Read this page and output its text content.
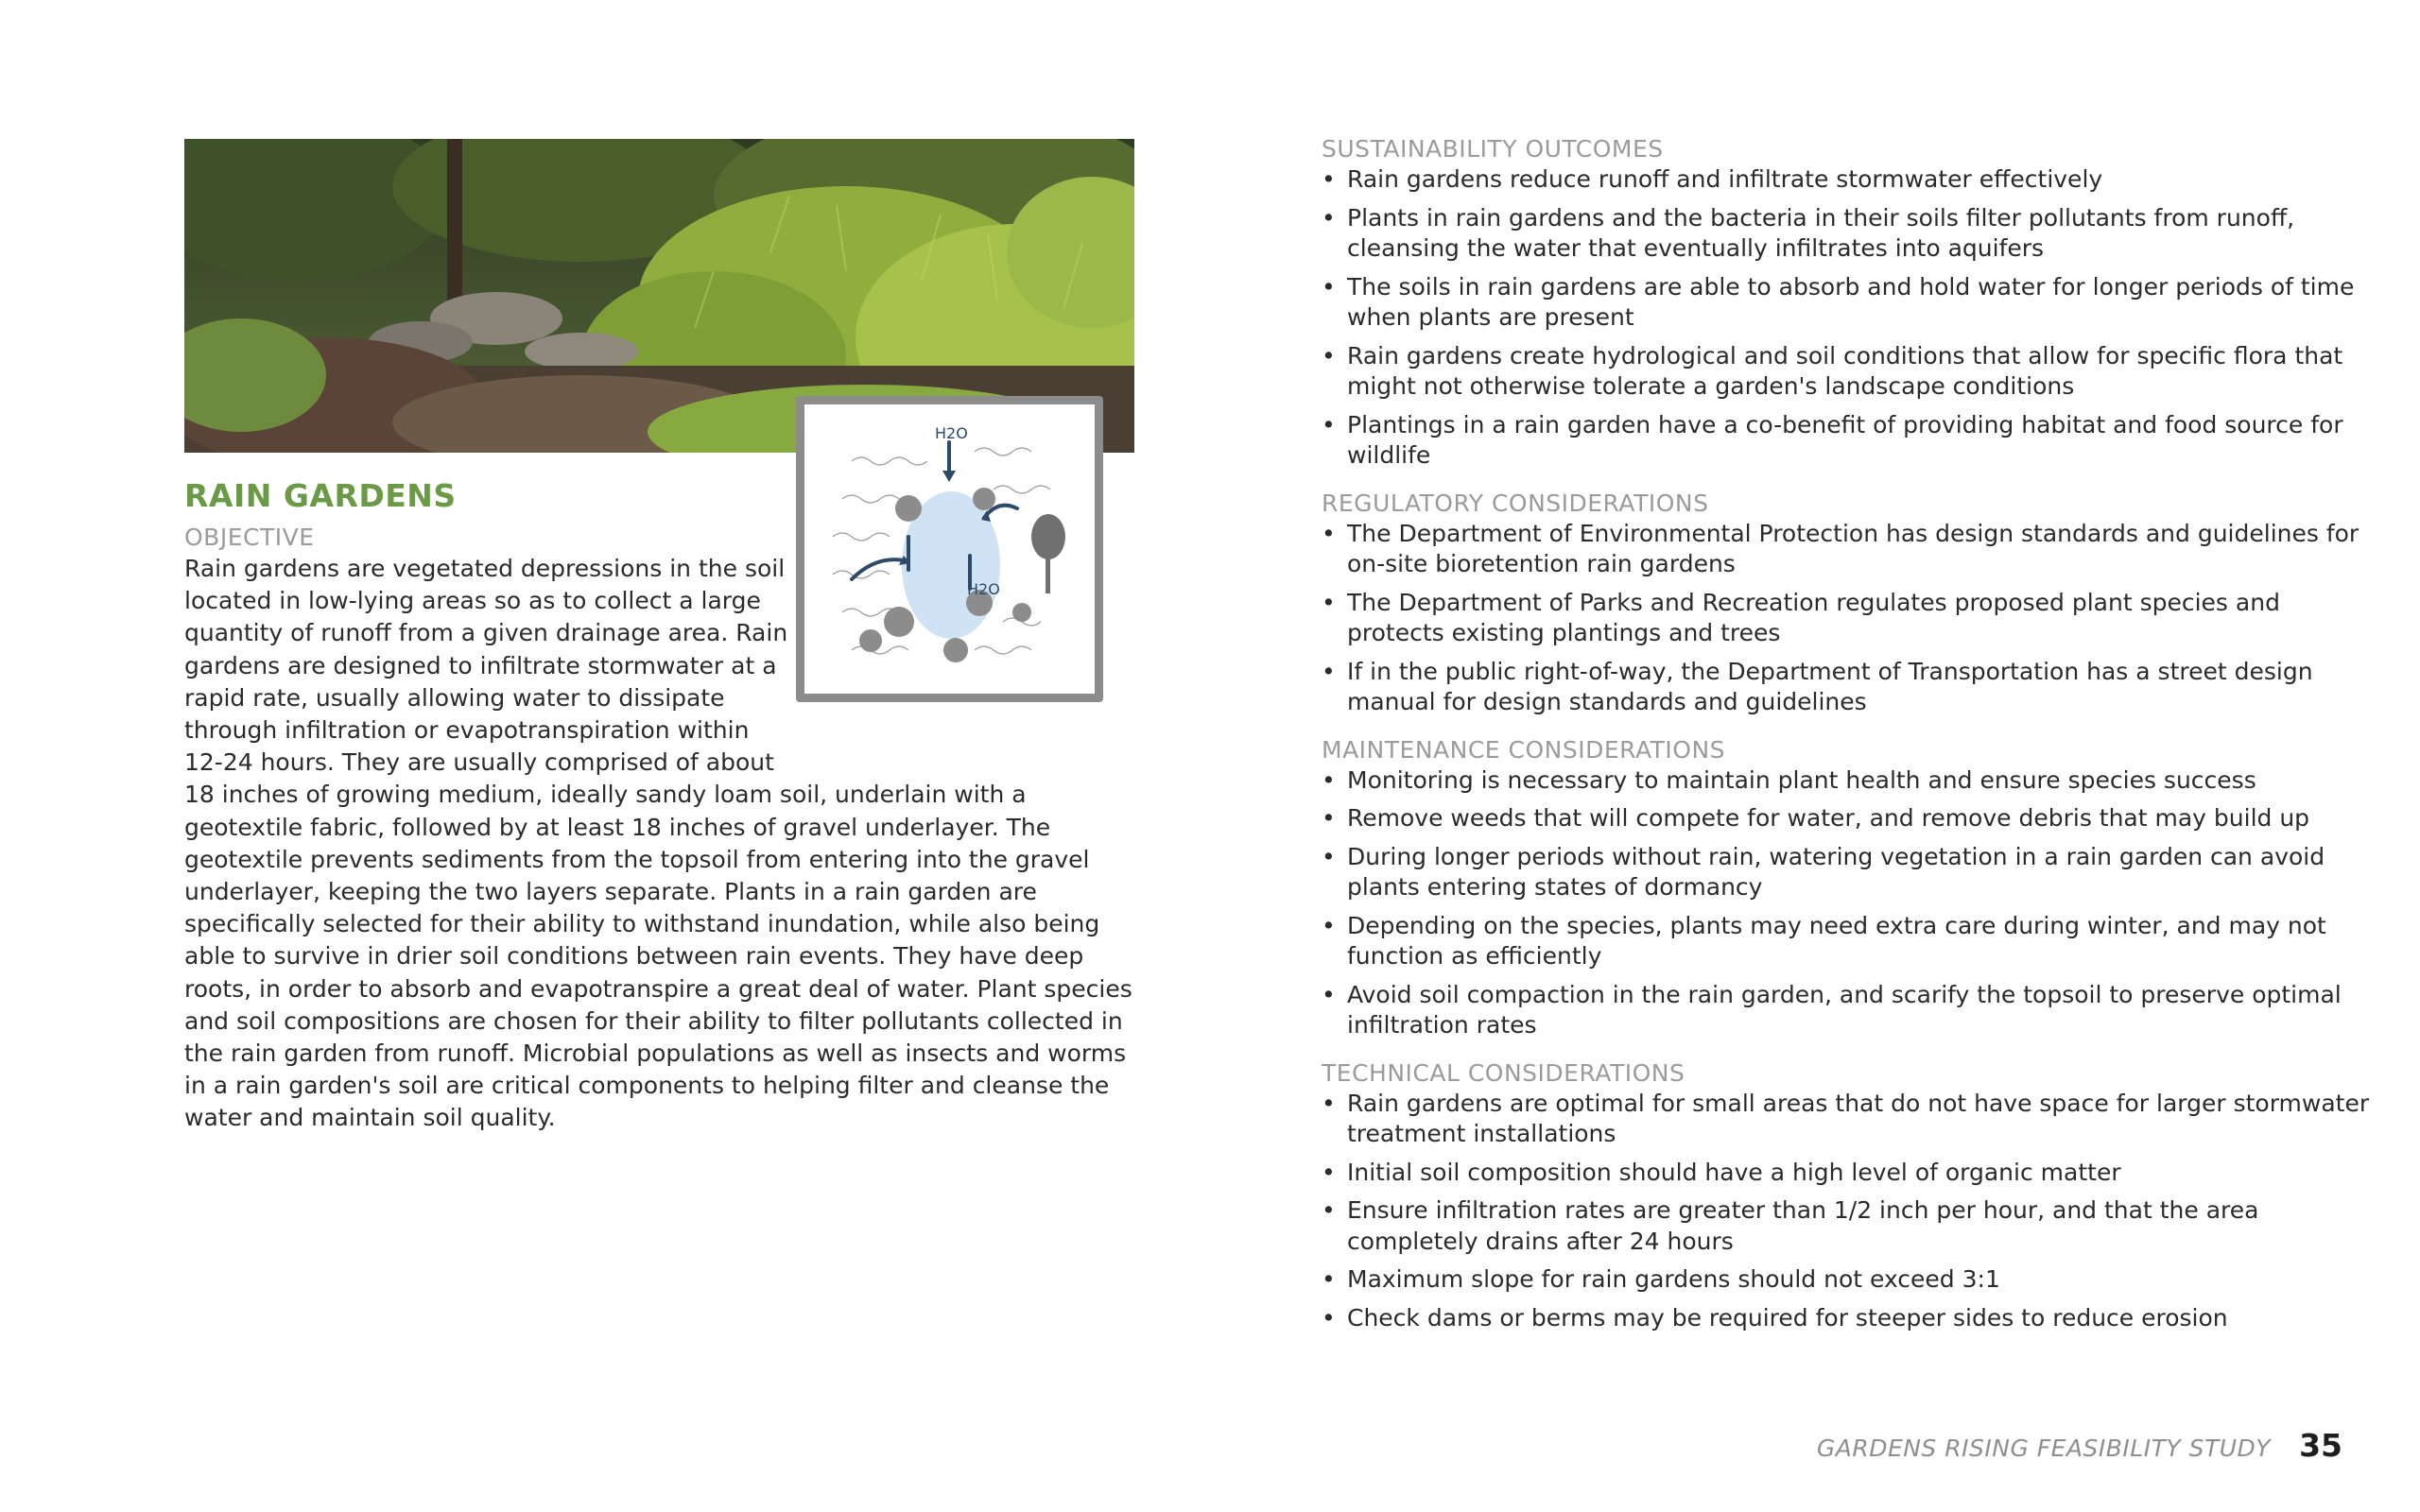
H2O
H2O
RAIN GARDENS
OBJECTIVE

Rain gardens are vegetated depressions in the soil located in low-lying areas so as to collect a large quantity of runoff from a given drainage area. Rain gardens are designed to infiltrate stormwater at a rapid rate, usually allowing water to dissipate through infiltration or evapotranspiration within 12-24 hours. They are usually comprised of about 18 inches of growing medium, ideally sandy loam soil, underlain with a geotextile fabric, followed by at least 18 inches of gravel underlayer. The geotextile prevents sediments from the topsoil from entering into the gravel underlayer, keeping the two layers separate. Plants in a rain garden are specifically selected for their ability to withstand inundation, while also being able to survive in drier soil conditions between rain events. They have deep roots, in order to absorb and evapotranspire a great deal of water. Plant species and soil compositions are chosen for their ability to filter pollutants collected in the rain garden from runoff. Microbial populations as well as insects and worms in a rain garden's soil are critical components to helping filter and cleanse the water and maintain soil quality.

SUSTAINABILITY OUTCOMES
• Rain gardens reduce runoff and infiltrate stormwater effectively
• Plants in rain gardens and the bacteria in their soils filter pollutants from runoff, cleansing the water that eventually infiltrates into aquifers
• The soils in rain gardens are able to absorb and hold water for longer periods of time when plants are present
• Rain gardens create hydrological and soil conditions that allow for specific flora that might not otherwise tolerate a garden's landscape conditions
• Plantings in a rain garden have a co-benefit of providing habitat and food source for wildlife
REGULATORY CONSIDERATIONS
• The Department of Environmental Protection has design standards and guidelines for on-site bioretention rain gardens
• The Department of Parks and Recreation regulates proposed plant species and protects existing plantings and trees
• If in the public right-of-way, the Department of Transportation has a street design manual for design standards and guidelines
MAINTENANCE CONSIDERATIONS
• Monitoring is necessary to maintain plant health and ensure species success
• Remove weeds that will compete for water, and remove debris that may build up
• During longer periods without rain, watering vegetation in a rain garden can avoid plants entering states of dormancy
• Depending on the species, plants may need extra care during winter, and may not function as efficiently
• Avoid soil compaction in the rain garden, and scarify the topsoil to preserve optimal infiltration rates
TECHNICAL CONSIDERATIONS
• Rain gardens are optimal for small areas that do not have space for larger stormwater treatment installations
• Initial soil composition should have a high level of organic matter
• Ensure infiltration rates are greater than 1/2 inch per hour, and that the area completely drains after 24 hours
• Maximum slope for rain gardens should not exceed 3:1
• Check dams or berms may be required for steeper sides to reduce erosion
GARDENS RISING FEASIBILITY STUDY 35
